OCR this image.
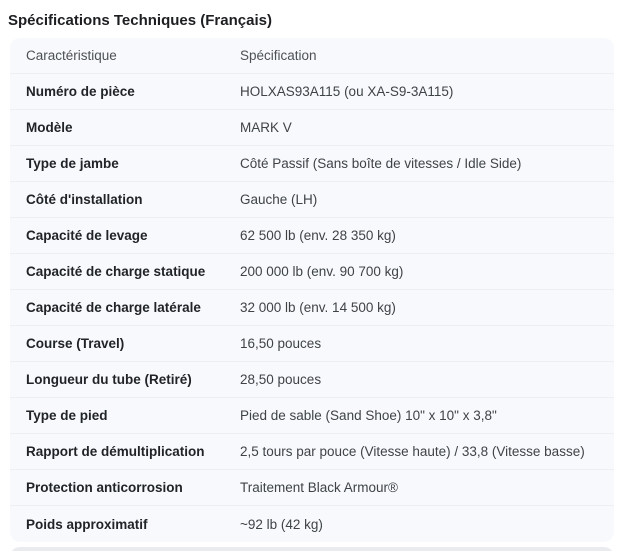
Spécifications Techniques (Français)
Caractéristique	Spécification
Numéro de pièce	HOLXAS93A115 (ou XA-S9-3A115)
Modèle	MARK V
Type de jambe	Côté Passif (Sans boîte de vitesses / Idle Side)
Côté d'installation	Gauche (LH)
Capacité de levage	62 500 lb (env. 28 350 kg)
Capacité de charge statique	200 000 lb (env. 90 700 kg)
Capacité de charge latérale	32 000 lb (env. 14 500 kg)
Course (Travel)	16,50 pouces
Longueur du tube (Retiré)	28,50 pouces
Type de pied	Pied de sable (Sand Shoe) 10" x 10" x 3,8"
Rapport de démultiplication	2,5 tours par pouce (Vitesse haute) / 33,8 (Vitesse basse)
Protection anticorrosion	Traitement Black Armour®
Poids approximatif	~92 lb (42 kg)
